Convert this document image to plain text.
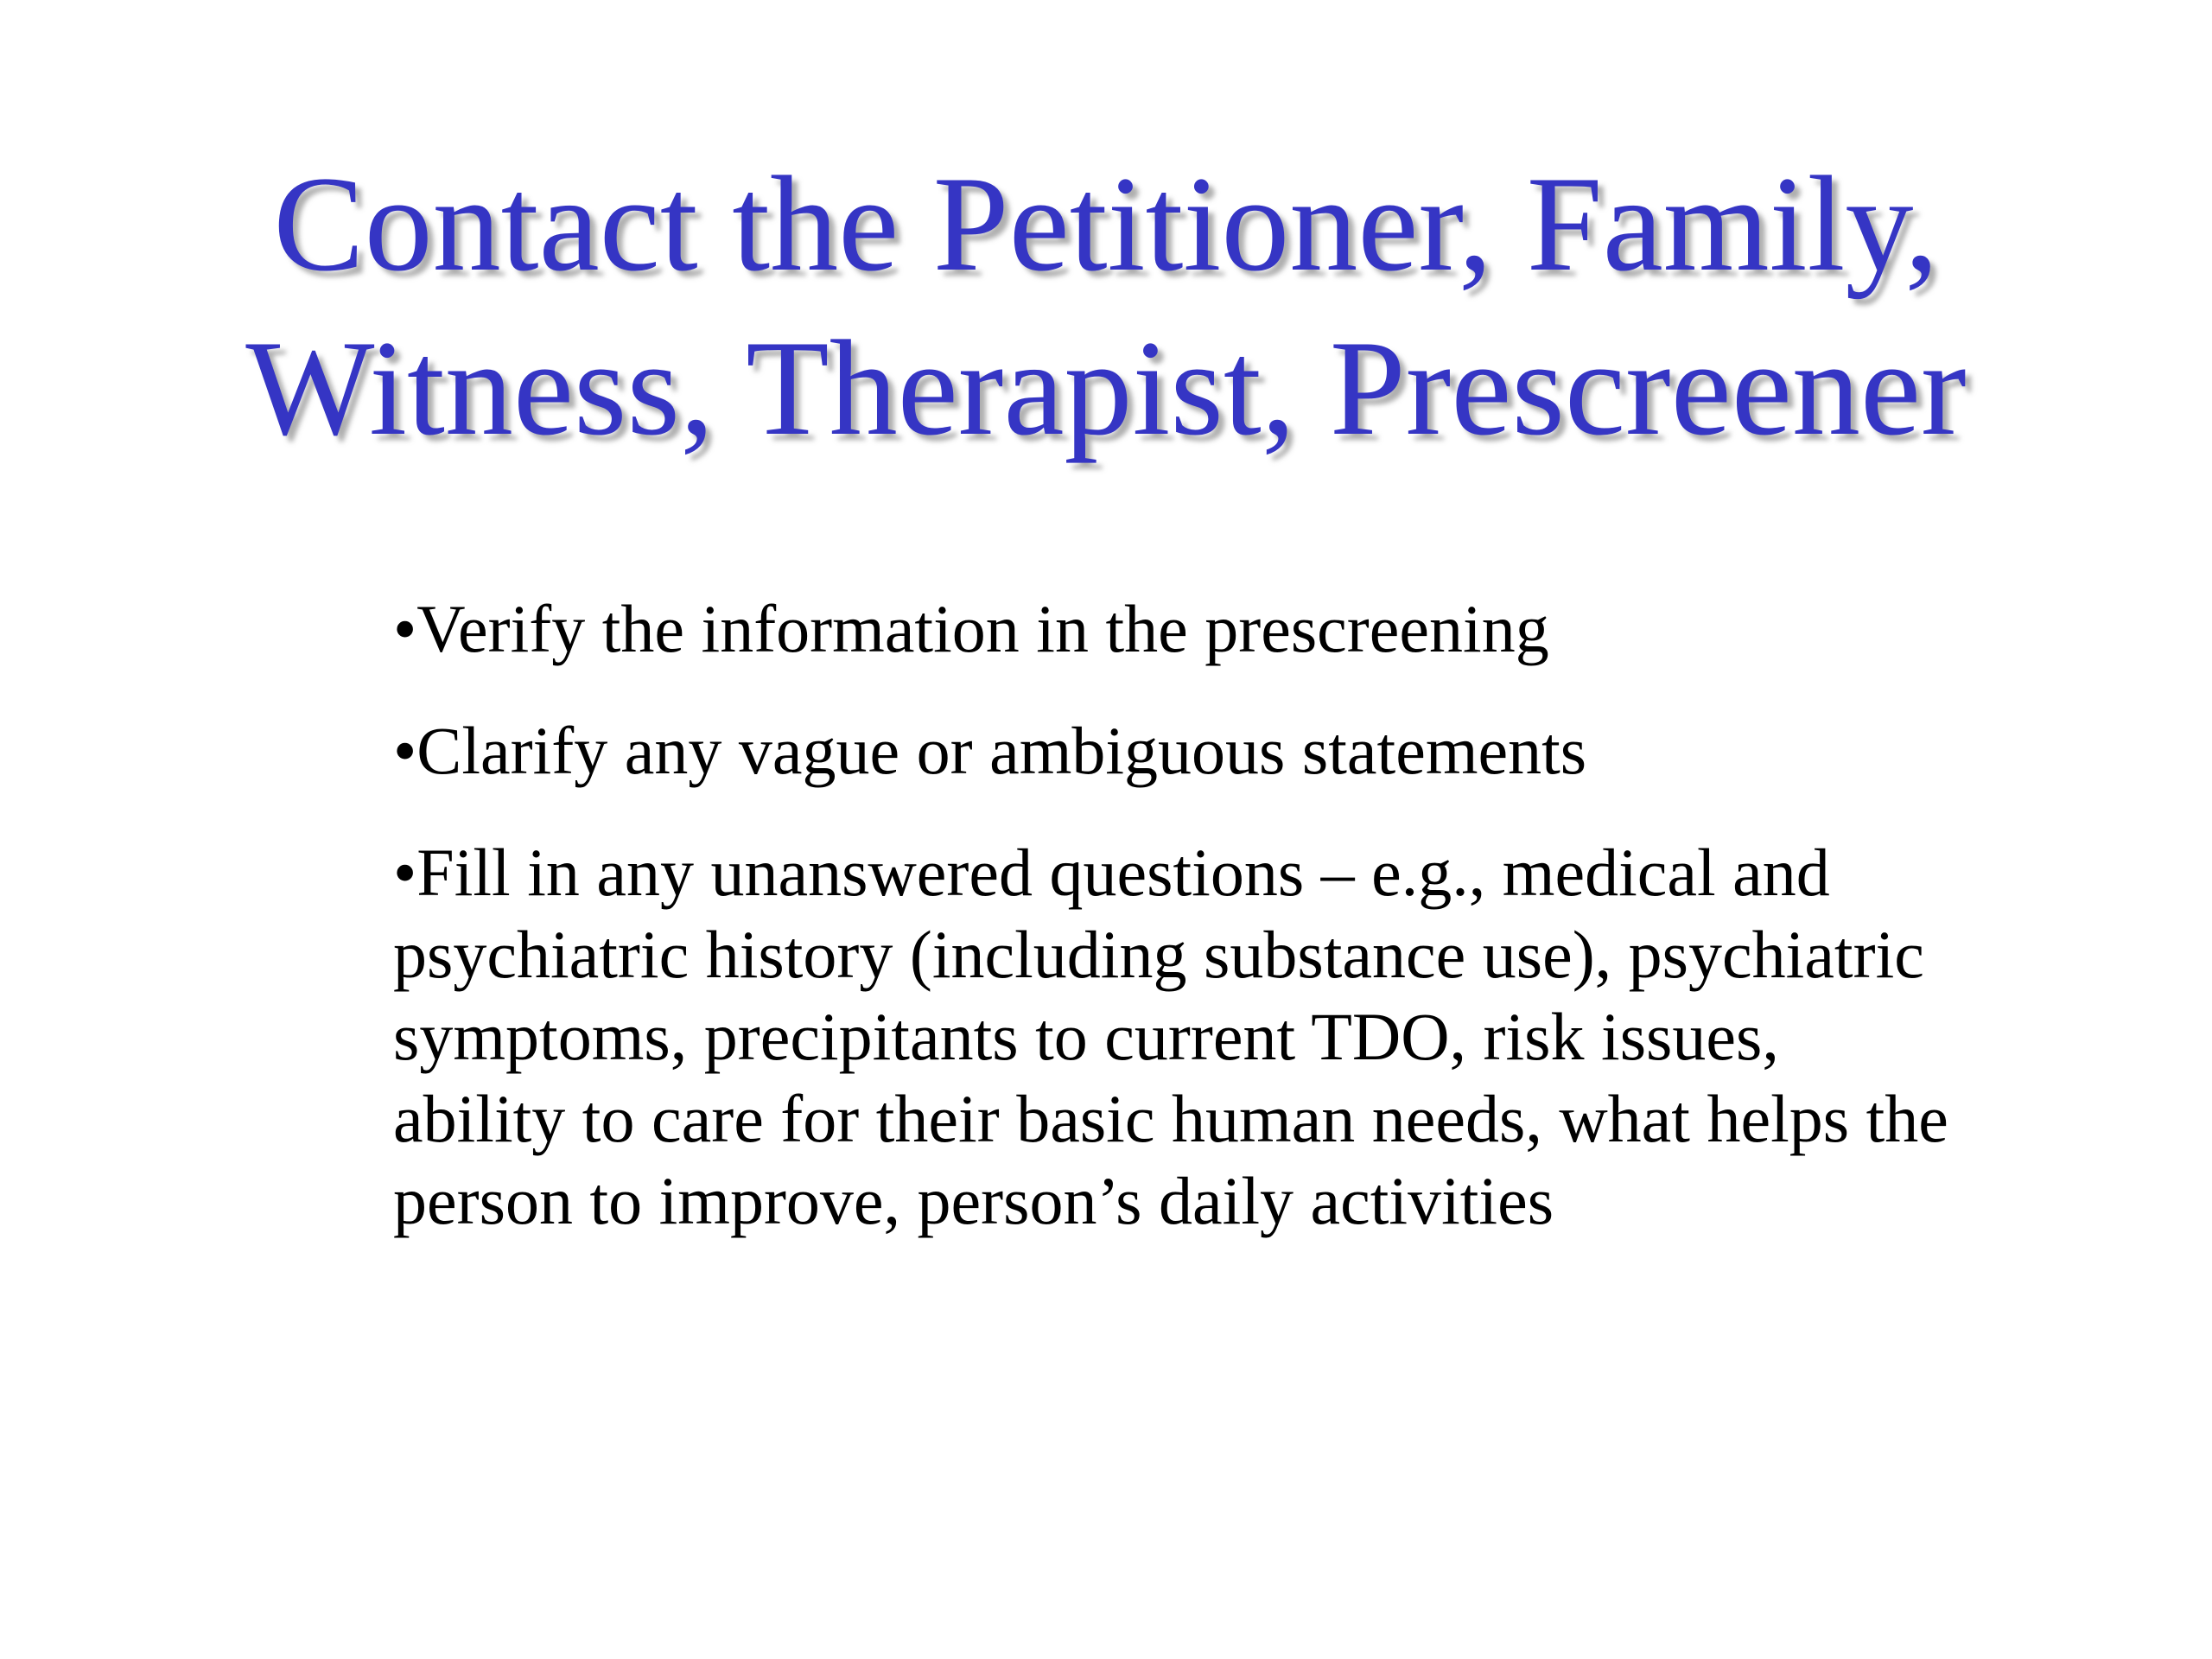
Contact the Petitioner, Family,
Witness, Therapist, Prescreener

•Verify the information in the prescreening

•Clarify any vague or ambiguous statements

•Fill in any unanswered questions – e.g., medical and psychiatric history (including substance use), psychiatric symptoms, precipitants to current TDO, risk issues, ability to care for their basic human needs, what helps the person to improve, person’s daily activities
